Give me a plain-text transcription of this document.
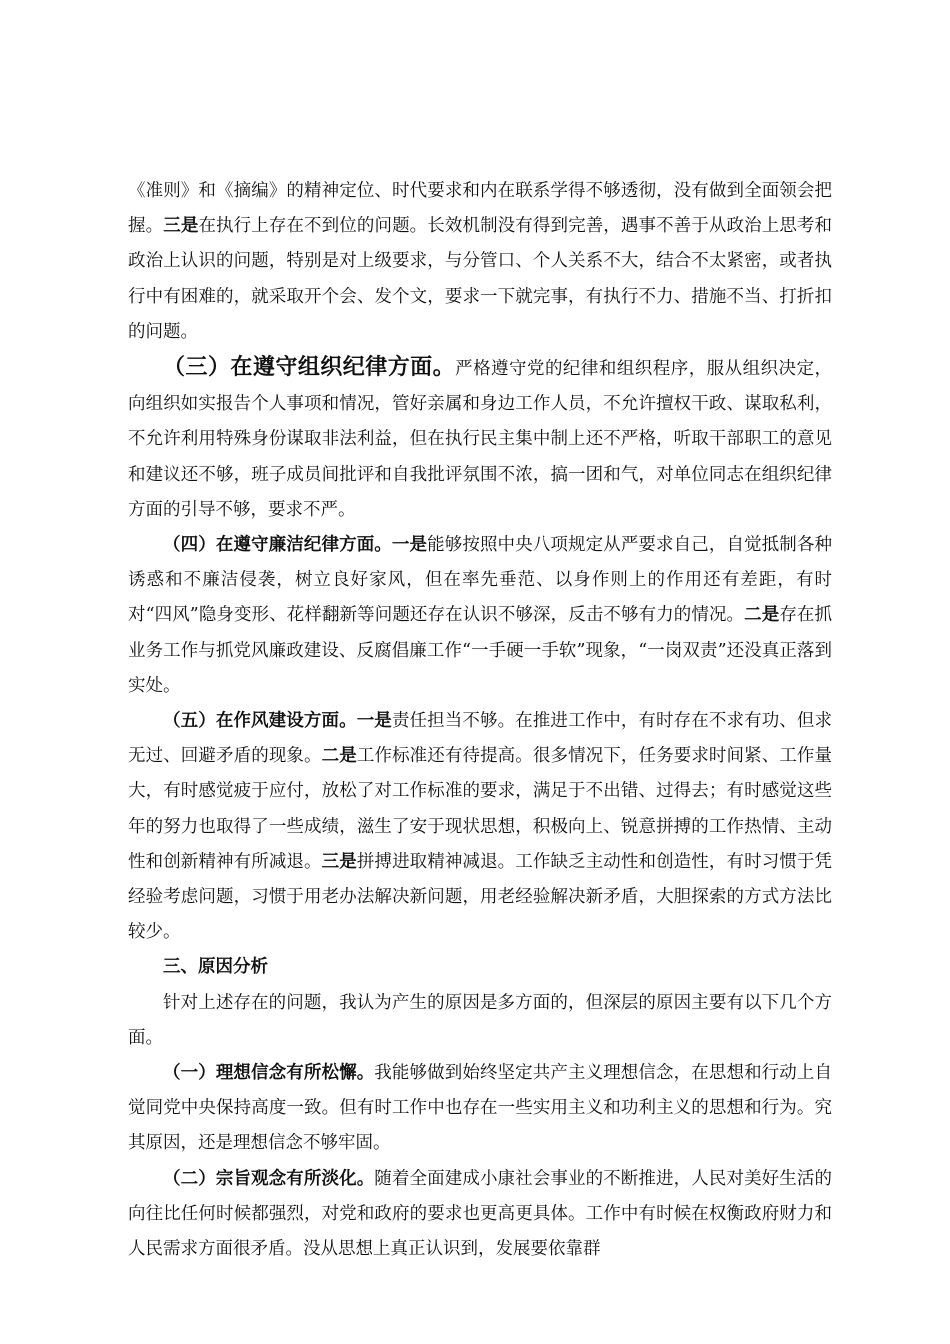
《准则》和《摘编》的精神定位、时代要求和内在联系学得不够透彻，没有做到全面领会把握。三是在执行上存在不到位的问题。长效机制没有得到完善，遇事不善于从政治上思考和政治上认识的问题，特别是对上级要求，与分管口、个人关系不大，结合不太紧密，或者执行中有困难的，就采取开个会、发个文，要求一下就完事，有执行不力、措施不当、打折扣的问题。

（三）在遵守组织纪律方面。严格遵守党的纪律和组织程序，服从组织决定，向组织如实报告个人事项和情况，管好亲属和身边工作人员，不允许擅权干政、谋取私利，不允许利用特殊身份谋取非法利益，但在执行民主集中制上还不严格，听取干部职工的意见和建议还不够，班子成员间批评和自我批评氛围不浓，搞一团和气，对单位同志在组织纪律方面的引导不够，要求不严。

（四）在遵守廉洁纪律方面。一是能够按照中央八项规定从严要求自己，自觉抵制各种诱惑和不廉洁侵袭，树立良好家风，但在率先垂范、以身作则上的作用还有差距，有时对“四风”隐身变形、花样翻新等问题还存在认识不够深，反击不够有力的情况。二是存在抓业务工作与抓党风廉政建设、反腐倡廉工作“一手硬一手软”现象，“一岗双责”还没真正落到实处。

（五）在作风建设方面。一是责任担当不够。在推进工作中，有时存在不求有功、但求无过、回避矛盾的现象。二是工作标准还有待提高。很多情况下，任务要求时间紧、工作量大，有时感觉疲于应付，放松了对工作标准的要求，满足于不出错、过得去；有时感觉这些年的努力也取得了一些成绩，滋生了安于现状思想，积极向上、锐意拼搏的工作热情、主动性和创新精神有所减退。三是拼搏进取精神减退。工作缺乏主动性和创造性，有时习惯于凭经验考虑问题，习惯于用老办法解决新问题，用老经验解决新矛盾，大胆探索的方式方法比较少。

三、原因分析

针对上述存在的问题，我认为产生的原因是多方面的，但深层的原因主要有以下几个方面。

（一）理想信念有所松懈。我能够做到始终坚定共产主义理想信念，在思想和行动上自觉同党中央保持高度一致。但有时工作中也存在一些实用主义和功利主义的思想和行为。究其原因，还是理想信念不够牢固。

（二）宗旨观念有所淡化。随着全面建成小康社会事业的不断推进，人民对美好生活的向往比任何时候都强烈，对党和政府的要求也更高更具体。工作中有时候在权衡政府财力和人民需求方面很矛盾。没从思想上真正认识到，发展要依靠群
